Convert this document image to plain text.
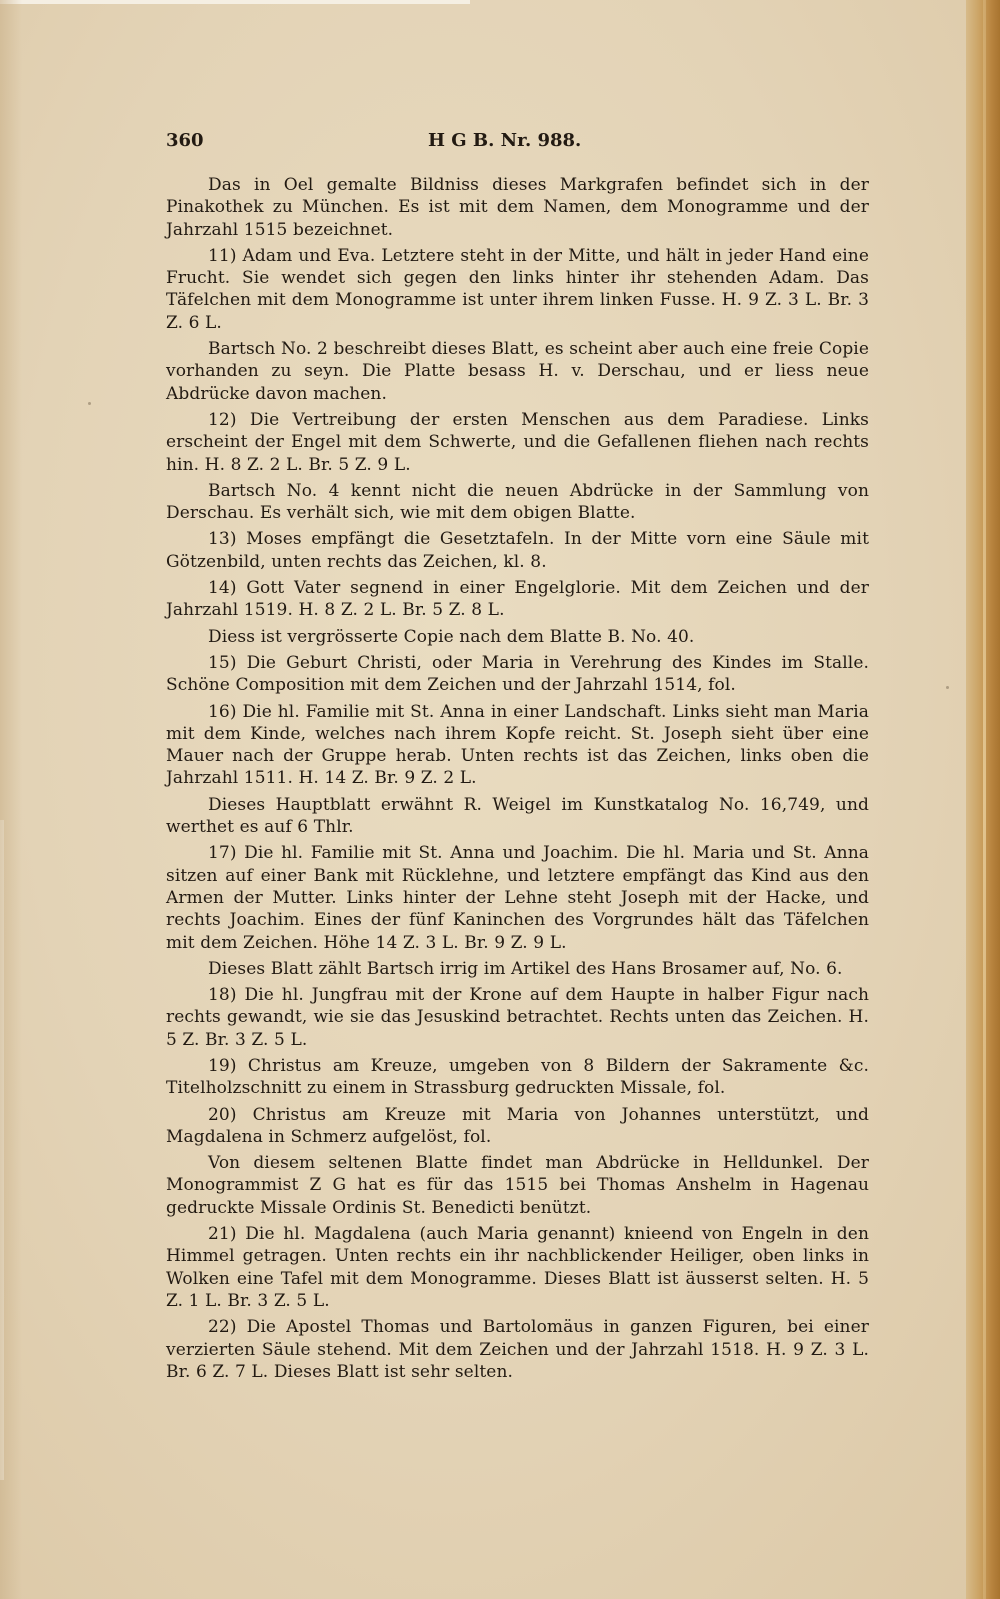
360	H G B. Nr. 988.

Das in Oel gemalte Bildniss dieses Markgrafen befindet sich in der Pinakothek zu München. Es ist mit dem Namen, dem Monogramme und der Jahrzahl 1515 bezeichnet.

11) Adam und Eva. Letztere steht in der Mitte, und hält in jeder Hand eine Frucht. Sie wendet sich gegen den links hinter ihr stehenden Adam. Das Täfelchen mit dem Monogramme ist unter ihrem linken Fusse. H. 9 Z. 3 L. Br. 3 Z. 6 L.

Bartsch No. 2 beschreibt dieses Blatt, es scheint aber auch eine freie Copie vorhanden zu seyn. Die Platte besass H. v. Derschau, und er liess neue Abdrücke davon machen.

12) Die Vertreibung der ersten Menschen aus dem Paradiese. Links erscheint der Engel mit dem Schwerte, und die Gefallenen fliehen nach rechts hin. H. 8 Z. 2 L. Br. 5 Z. 9 L.

Bartsch No. 4 kennt nicht die neuen Abdrücke in der Sammlung von Derschau. Es verhält sich, wie mit dem obigen Blatte.

13) Moses empfängt die Gesetztafeln. In der Mitte vorn eine Säule mit Götzenbild, unten rechts das Zeichen, kl. 8.

14) Gott Vater segnend in einer Engelglorie. Mit dem Zeichen und der Jahrzahl 1519. H. 8 Z. 2 L. Br. 5 Z. 8 L.

Diess ist vergrösserte Copie nach dem Blatte B. No. 40.

15) Die Geburt Christi, oder Maria in Verehrung des Kindes im Stalle. Schöne Composition mit dem Zeichen und der Jahrzahl 1514, fol.

16) Die hl. Familie mit St. Anna in einer Landschaft. Links sieht man Maria mit dem Kinde, welches nach ihrem Kopfe reicht. St. Joseph sieht über eine Mauer nach der Gruppe herab. Unten rechts ist das Zeichen, links oben die Jahrzahl 1511. H. 14 Z. Br. 9 Z. 2 L.

Dieses Hauptblatt erwähnt R. Weigel im Kunstkatalog No. 16,749, und werthet es auf 6 Thlr.

17) Die hl. Familie mit St. Anna und Joachim. Die hl. Maria und St. Anna sitzen auf einer Bank mit Rücklehne, und letztere empfängt das Kind aus den Armen der Mutter. Links hinter der Lehne steht Joseph mit der Hacke, und rechts Joachim. Eines der fünf Kaninchen des Vorgrundes hält das Täfelchen mit dem Zeichen. Höhe 14 Z. 3 L. Br. 9 Z. 9 L.

Dieses Blatt zählt Bartsch irrig im Artikel des Hans Brosamer auf, No. 6.

18) Die hl. Jungfrau mit der Krone auf dem Haupte in halber Figur nach rechts gewandt, wie sie das Jesuskind betrachtet. Rechts unten das Zeichen. H. 5 Z. Br. 3 Z. 5 L.

19) Christus am Kreuze, umgeben von 8 Bildern der Sakramente &c. Titelholzschnitt zu einem in Strassburg gedruckten Missale, fol.

20) Christus am Kreuze mit Maria von Johannes unterstützt, und Magdalena in Schmerz aufgelöst, fol.

Von diesem seltenen Blatte findet man Abdrücke in Helldunkel. Der Monogrammist Z G hat es für das 1515 bei Thomas Anshelm in Hagenau gedruckte Missale Ordinis St. Benedicti benützt.

21) Die hl. Magdalena (auch Maria genannt) knieend von Engeln in den Himmel getragen. Unten rechts ein ihr nachblickender Heiliger, oben links in Wolken eine Tafel mit dem Monogramme. Dieses Blatt ist äusserst selten. H. 5 Z. 1 L. Br. 3 Z. 5 L.

22) Die Apostel Thomas und Bartolomäus in ganzen Figuren, bei einer verzierten Säule stehend. Mit dem Zeichen und der Jahrzahl 1518. H. 9 Z. 3 L. Br. 6 Z. 7 L. Dieses Blatt ist sehr selten.
